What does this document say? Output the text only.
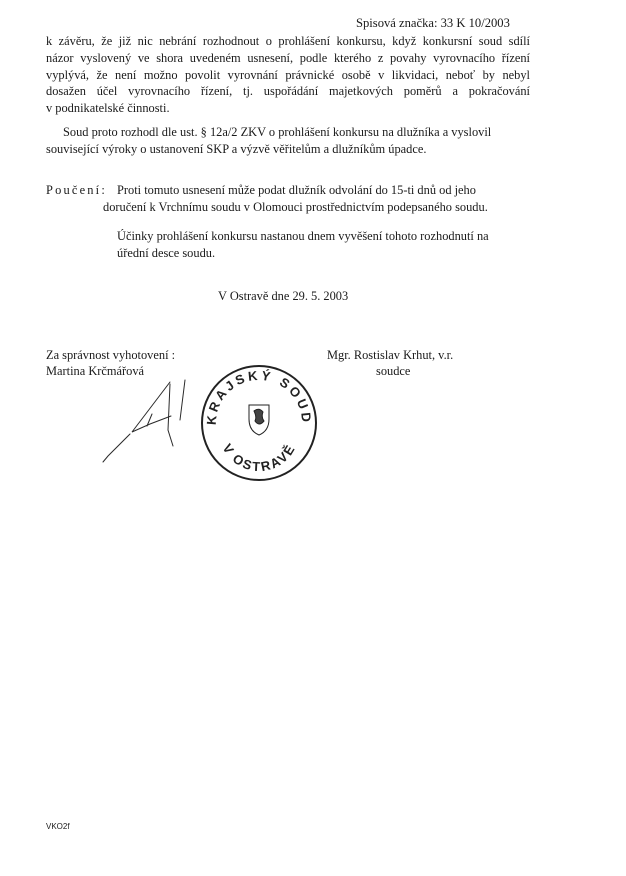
Spisová značka: 33 K 10/2003
k závěru, že již nic nebrání rozhodnout o prohlášení konkursu, když konkursní soud sdílí
názor vyslovený ve shora uvedeném usnesení, podle kterého z povahy vyrovnacího řízení
vyplývá, že není možno povolit vyrovnání právnické osobě v likvidaci, neboť by nebyl
dosažen účel vyrovnacího řízení, tj. uspořádání majetkových poměrů a pokračování
v podnikatelské činnosti.
Soud proto rozhodl dle ust. § 12a/2 ZKV o prohlášení konkursu na dlužníka a vyslovil
související výroky o ustanovení SKP a výzvě věřitelům a dlužníkům úpadce.
Poučení: Proti tomuto usnesení může podat dlužník odvolání do 15-ti dnů od jeho
doručení k Vrchnímu soudu v Olomouci prostřednictvím podepsaného soudu.
Účinky prohlášení konkursu nastanou dnem vyvěšení tohoto rozhodnutí na
úřední desce soudu.
V Ostravě dne 29. 5. 2003
Za správnost vyhotovení :
Martina Krčmářová
Mgr. Rostislav Krhut, v.r.
soudce
KRAJSKÝ SOUD
V OSTRAVĚ
VKO2f
